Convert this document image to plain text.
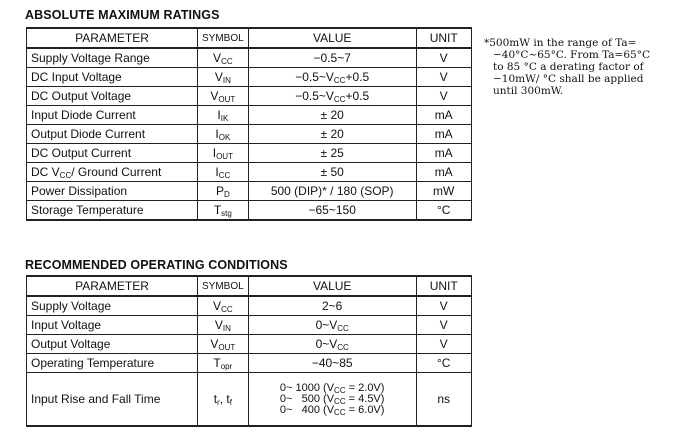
ABSOLUTE MAXIMUM RATINGS
PARAMETER	SYMBOL	VALUE	UNIT
Supply Voltage Range	$V_{CC}$	−0.5~7	V
DC Input Voltage	$V_{IN}$	$-0.5\sim V_{CC}+0.5$	V
DC Output Voltage	$V_{OUT}$	$-0.5\sim V_{CC}+0.5$	V
Input Diode Current	$I_{IK}$	± 20	mA
Output Diode Current	$I_{OK}$	± 20	mA
DC Output Current	$I_{OUT}$	± 25	mA
DC $V_{CC}/$ Ground Current	$I_{CC}$	± 50	mA
Power Dissipation	$P_D$	500 (DIP)* / 180 (SOP)	mW
Storage Temperature	$T_{stg}$	−65~150	°C
*500mW in the range of Ta=
−40°C~65°C. From Ta=65°C
to 85 °C a derating factor of
−10mW/ °C shall be applied
until 300mW.
RECOMMENDED OPERATING CONDITIONS
PARAMETER	SYMBOL	VALUE	UNIT
Supply Voltage	$V_{CC}$	2~6	V
Input Voltage	$V_{IN}$	$0\sim V_{CC}$	V
Output Voltage	$V_{OUT}$	$0\sim V_{CC}$	V
Operating Temperature	$T_{opr}$	−40~85	°C
Input Rise and Fall Time	$t_r$, $t_f$	0~ 1000 $(V_{CC} = 2.0V)$
0~   500 $(V_{CC} = 4.5V)$
0~   400 $(V_{CC} = 6.0V)$	ns
